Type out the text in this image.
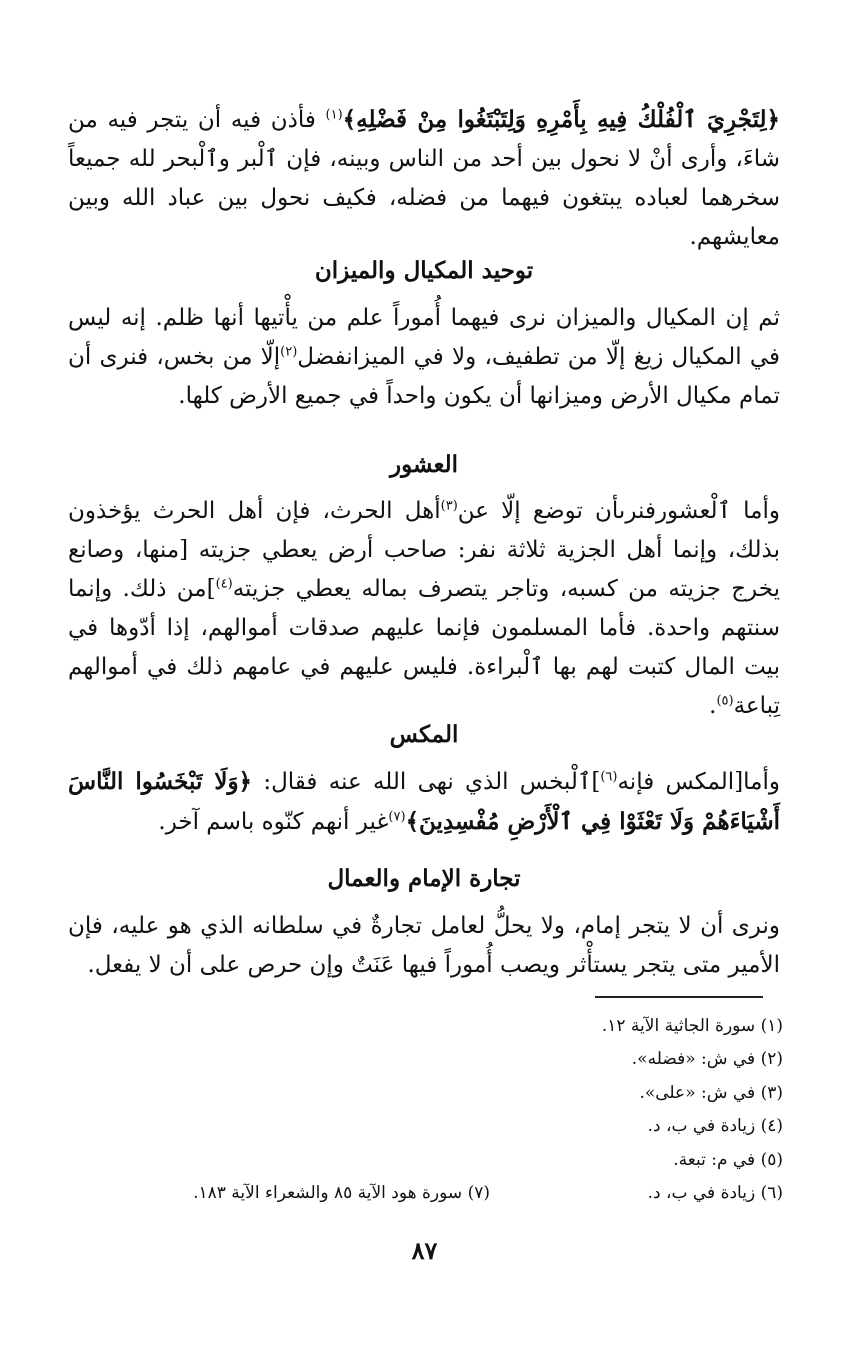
﴿لِتَجْرِيَ ٱلْفُلْكُ فِيهِ بِأَمْرِهِ وَلِتَبْتَغُوا مِنْ فَضْلِهِ﴾$^{(١)}$ فأذن فيه أن يتجر فيه من شاءَ، وأرى أنْ لا نحول بين أحد من الناس وبينه، فإن ٱلْبر وٱلْبحر لله جميعاً سخرهما لعباده يبتغون فيهما من فضله، فكيف نحول بين عباد الله وبين معايشهم.

توحيد المكيال والميزان

ثم إن المكيال والميزان نرى فيهما أُموراً علم من يأْتيها أنها ظلم. إنه ليس في المكيال زيغ إلّا من تطفيف، ولا في الميزانفضل$^{(٢)}$إلّا من بخس، فنرى أن تمام مكيال الأرض وميزانها أن يكون واحداً في جميع الأرض كلها.

العشور

وأما ٱلْعشورفنرىأن توضع إلّا عن$^{(٣)}$أهل الحرث، فإن أهل الحرث يؤخذون بذلك، وإنما أهل الجزية ثلاثة نفر: صاحب أرض يعطي جزيته [منها، وصانع يخرج جزيته من كسبه، وتاجر يتصرف بماله يعطي جزيته$^{(٤)}$]من ذلك. وإنما سنتهم واحدة. فأما المسلمون فإنما عليهم صدقات أموالهم، إذا أدّوها في بيت المال كتبت لهم بها ٱلْبراءة. فليس عليهم في عامهم ذلك في أموالهم تِباعة$^{(٥)}$.

المكس

وأما[المكس فإنه$^{(٦)}$]ٱلْبخس الذي نهى الله عنه فقال: ﴿وَلَا تَبْخَسُوا النَّاسَ أَشْيَاءَهُمْ وَلَا تَعْثَوْا فِي ٱلْأَرْضِ مُفْسِدِينَ﴾$^{(٧)}$غير أنهم كنّوه باسم آخر.

تجارة الإمام والعمال

ونرى أن لا يتجر إمام، ولا يحلُّ لعامل تجارةٌ في سلطانه الذي هو عليه، فإن الأمير متى يتجر يستأْثر ويصب أُموراً فيها عَنَتٌ وإن حرص على أن لا يفعل.

(١) سورة الجاثية الآية ١٢.
(٢) في ش: «فضله».
(٣) في ش: «على».
(٤) زيادة في ب، د.
(٥) في م: تبعة.
(٦) زيادة في ب، د.
(٧) سورة هود الآية ٨٥ والشعراء الآية ١٨٣.
٨٧
